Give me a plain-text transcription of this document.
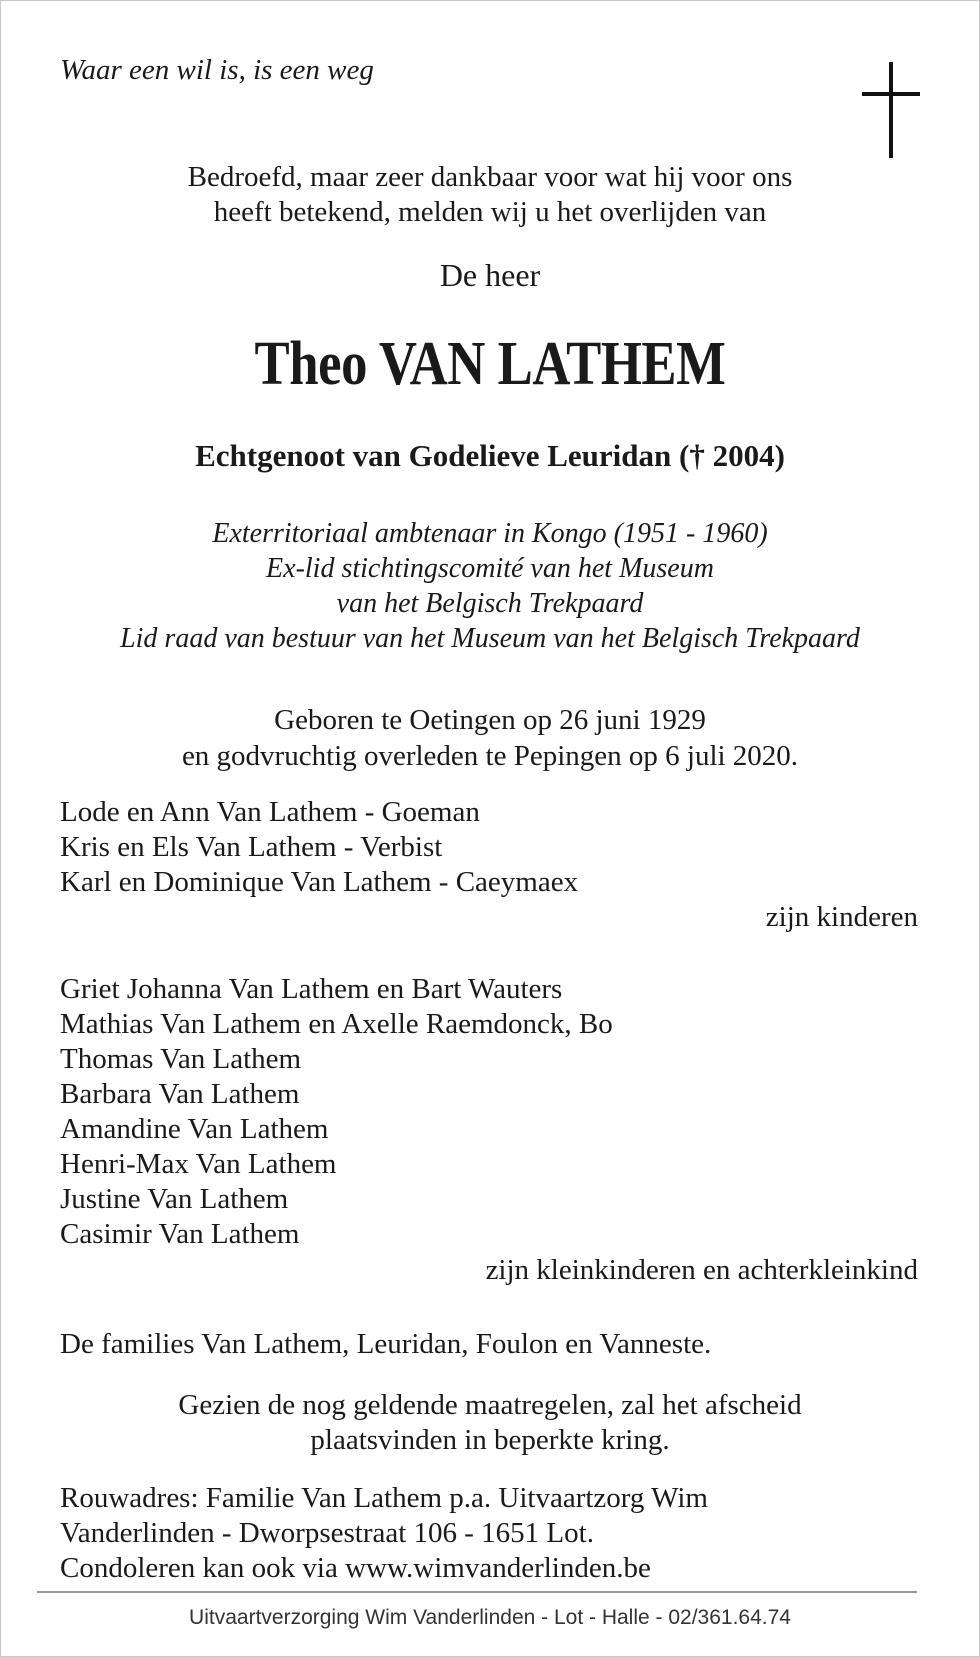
Waar een wil is, is een weg

Bedroefd, maar zeer dankbaar voor wat hij voor ons
heeft betekend, melden wij u het overlijden van

De heer

Theo VAN LATHEM

Echtgenoot van Godelieve Leuridan († 2004)

Exterritoriaal ambtenaar in Kongo (1951 - 1960)
Ex-lid stichtingscomité van het Museum
van het Belgisch Trekpaard
Lid raad van bestuur van het Museum van het Belgisch Trekpaard

Geboren te Oetingen op 26 juni 1929
en godvruchtig overleden te Pepingen op 6 juli 2020.

Lode en Ann Van Lathem - Goeman
Kris en Els Van Lathem - Verbist
Karl en Dominique Van Lathem - Caeymaex

zijn kinderen

Griet Johanna Van Lathem en Bart Wauters
Mathias Van Lathem en Axelle Raemdonck, Bo
Thomas Van Lathem
Barbara Van Lathem
Amandine Van Lathem
Henri-Max Van Lathem
Justine Van Lathem
Casimir Van Lathem

zijn kleinkinderen en achterkleinkind

De families Van Lathem, Leuridan, Foulon en Vanneste.

Gezien de nog geldende maatregelen, zal het afscheid
plaatsvinden in beperkte kring.

Rouwadres: Familie Van Lathem p.a. Uitvaartzorg Wim
Vanderlinden - Dworpsestraat 106 - 1651 Lot.
Condoleren kan ook via www.wimvanderlinden.be

Uitvaartverzorging Wim Vanderlinden - Lot - Halle - 02/361.64.74
